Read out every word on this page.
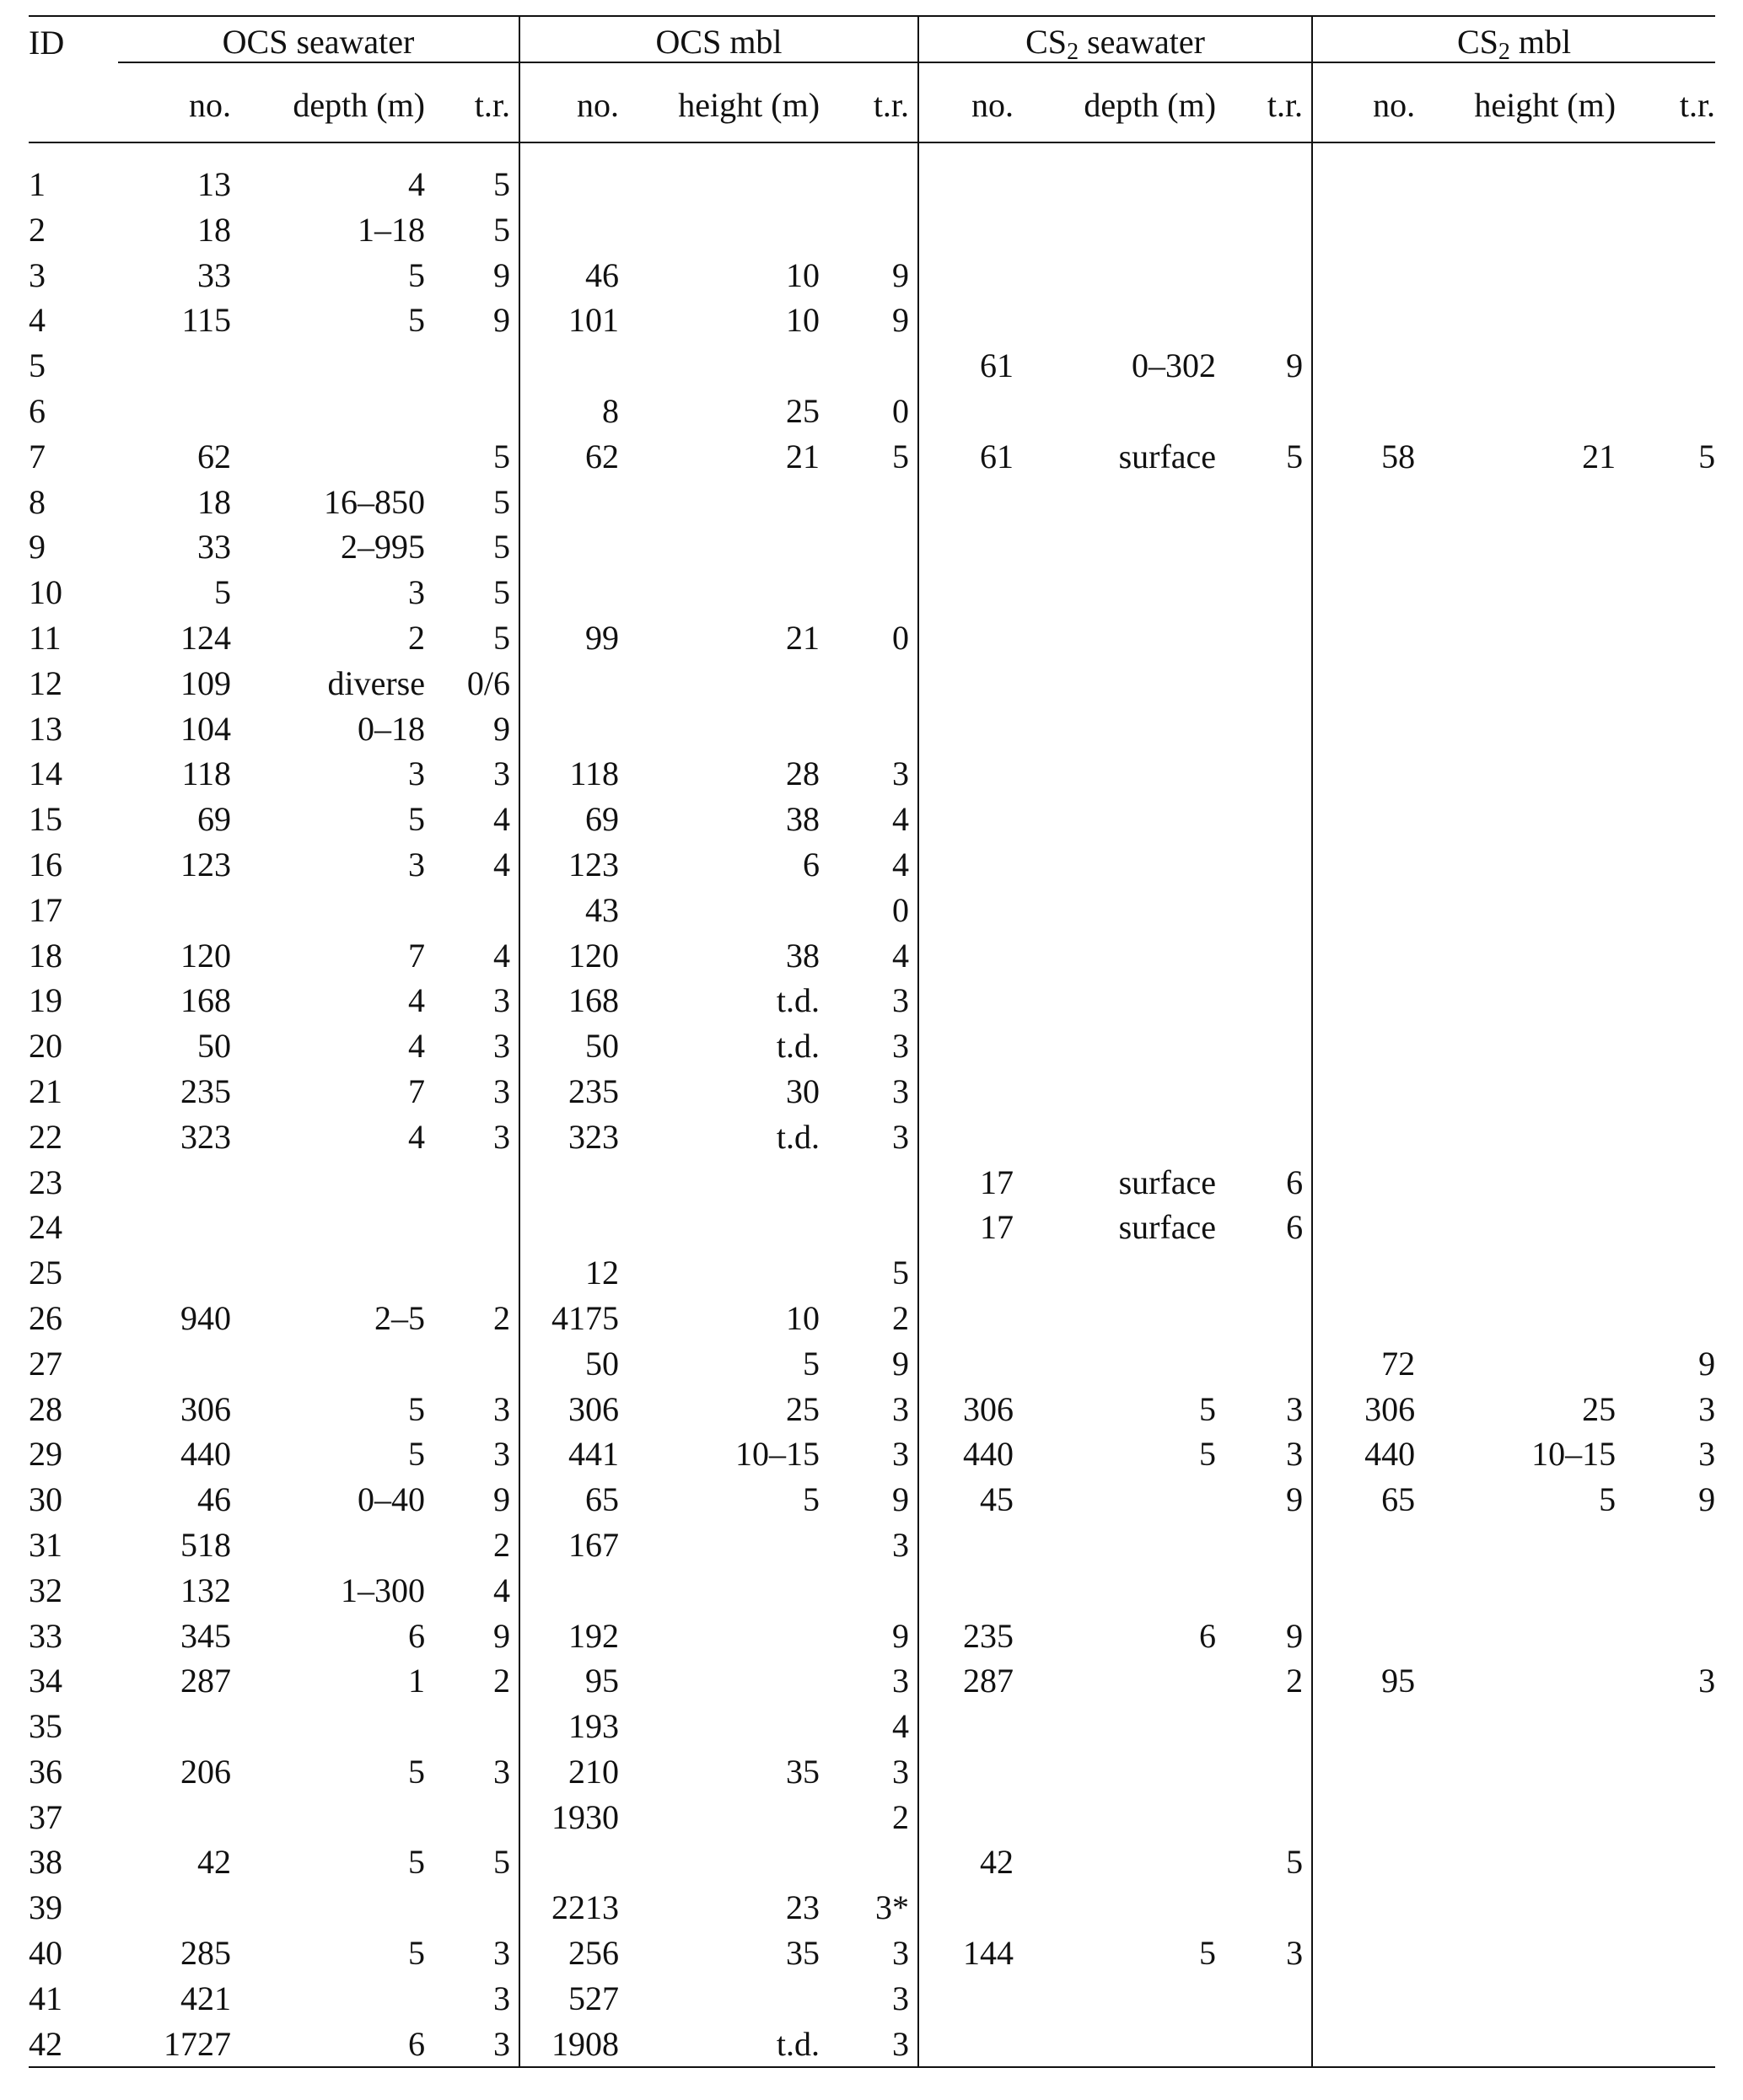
ID	OCS seawater			OCS mbl			$CS_2$ seawater			$CS_2$ mbl		

	no.	depth (m)	t.r.	no.	height (m)	t.r.	no.	depth (m)	t.r.	no.	height (m)	t.r.

1	13	4	5									
2	18	1–18	5									
3	33	5	9	46	10	9						
4	115	5	9	101	10	9						
5							61	0–302	9			
6				8	25	0						
7	62		5	62	21	5	61	surface	5	58	21	5
8	18	16–850	5									
9	33	2–995	5									
10	5	3	5									
11	124	2	5	99	21	0						
12	109	diverse	0/6									
13	104	0–18	9									
14	118	3	3	118	28	3						
15	69	5	4	69	38	4						
16	123	3	4	123	6	4						
17				43		0						
18	120	7	4	120	38	4						
19	168	4	3	168	t.d.	3						
20	50	4	3	50	t.d.	3						
21	235	7	3	235	30	3						
22	323	4	3	323	t.d.	3						
23							17	surface	6			
24							17	surface	6			
25				12		5						
26	940	2–5	2	4175	10	2						
27				50	5	9				72		9
28	306	5	3	306	25	3	306	5	3	306	25	3
29	440	5	3	441	10–15	3	440	5	3	440	10–15	3
30	46	0–40	9	65	5	9	45		9	65	5	9
31	518		2	167		3						
32	132	1–300	4									
33	345	6	9	192		9	235	6	9			
34	287	1	2	95		3	287		2	95		3
35				193		4						
36	206	5	3	210	35	3						
37				1930		2						
38	42	5	5				42		5			
39				2213	23	3*						
40	285	5	3	256	35	3	144	5	3			
41	421		3	527		3						
42	1727	6	3	1908	t.d.	3						
